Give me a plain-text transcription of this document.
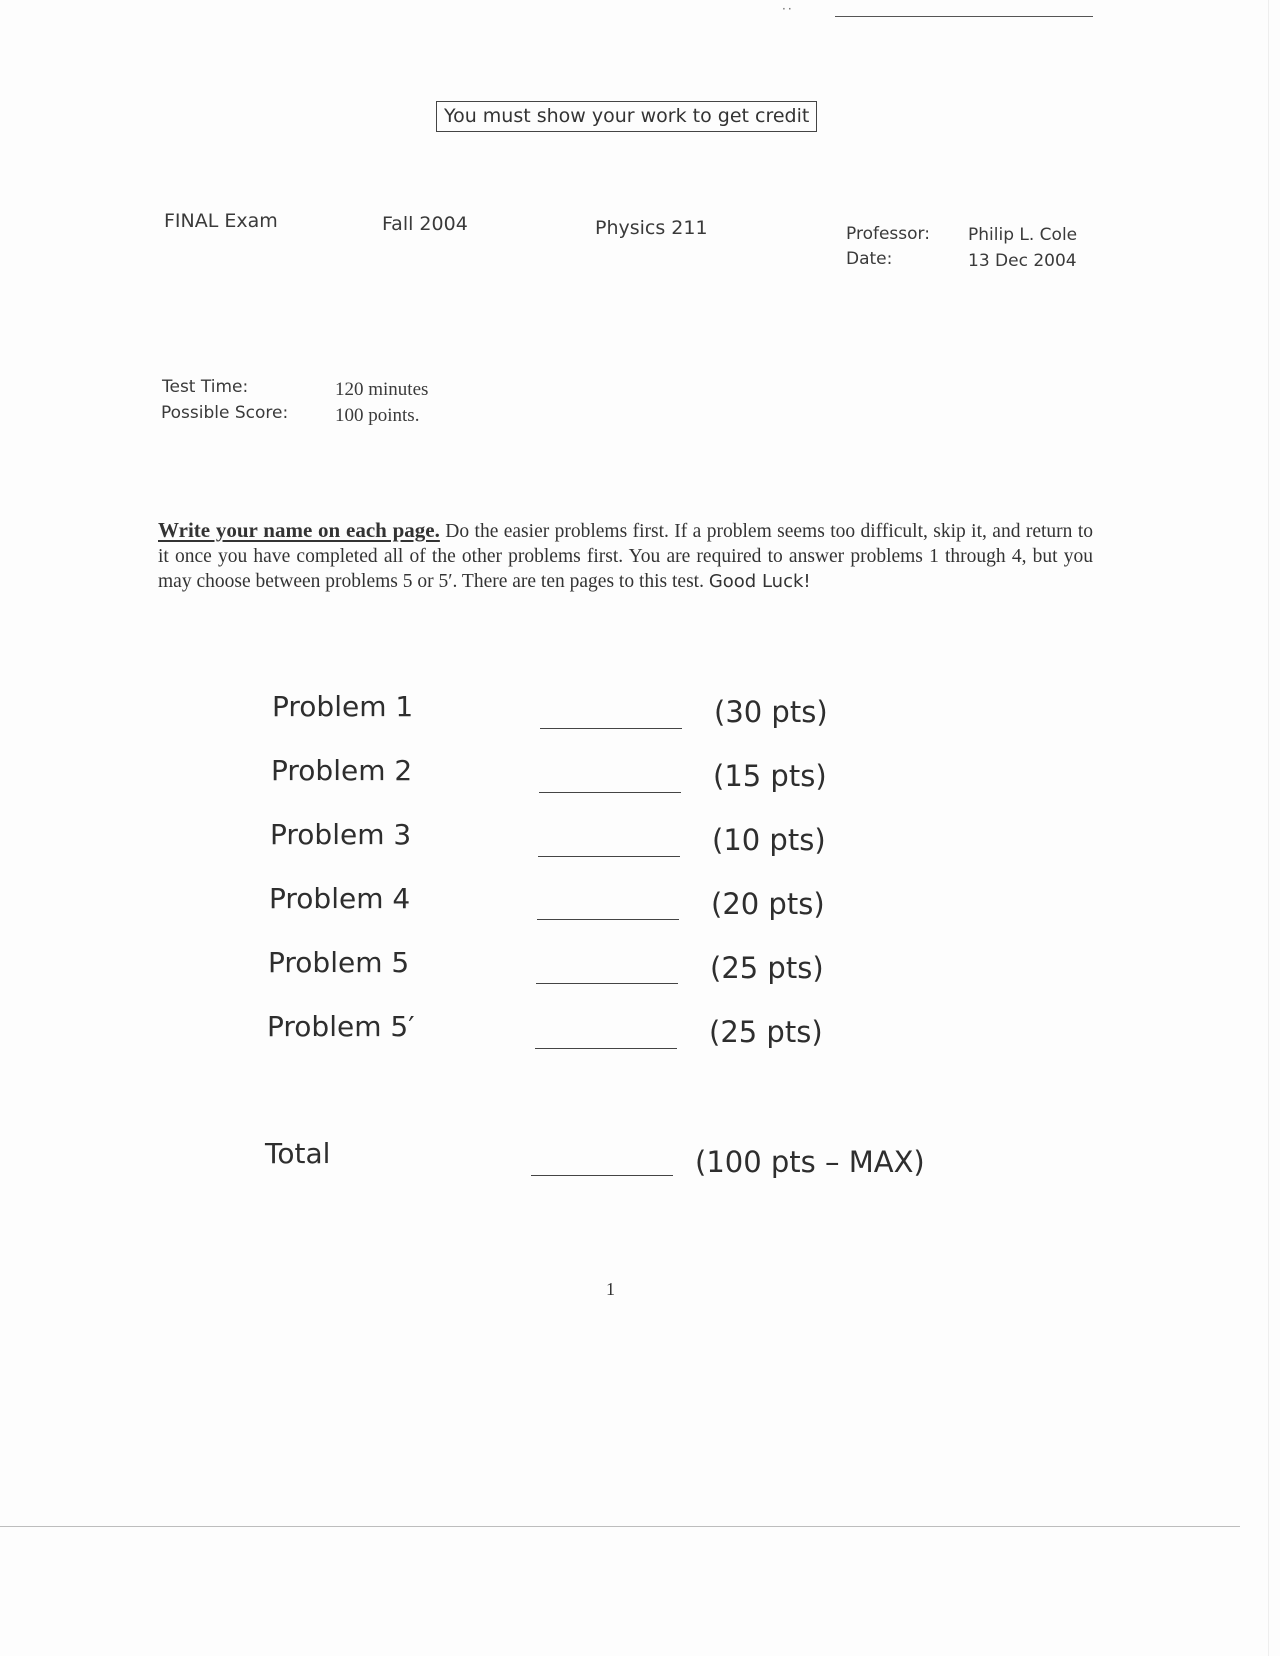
··
You must show your work to get credit
FINAL Exam	Fall 2004	Physics 211	Professor: Philip L. Cole
Date:	13 Dec 2004
Test Time:	120 minutes
Possible Score: 100 points.
Write your name on each page. Do the easier problems first. If a problem seems too difficult, skip it, and return to it once you have completed all of the other problems first. You are required to answer problems 1 through 4, but you may choose between problems 5 or 5′. There are ten pages to this test. Good Luck!
Problem 1	(30 pts)
Problem 2	(15 pts)
Problem 3	(10 pts)
Problem 4	(20 pts)
Problem 5	(25 pts)
Problem 5′	(25 pts)
Total	(100 pts – MAX)
1
